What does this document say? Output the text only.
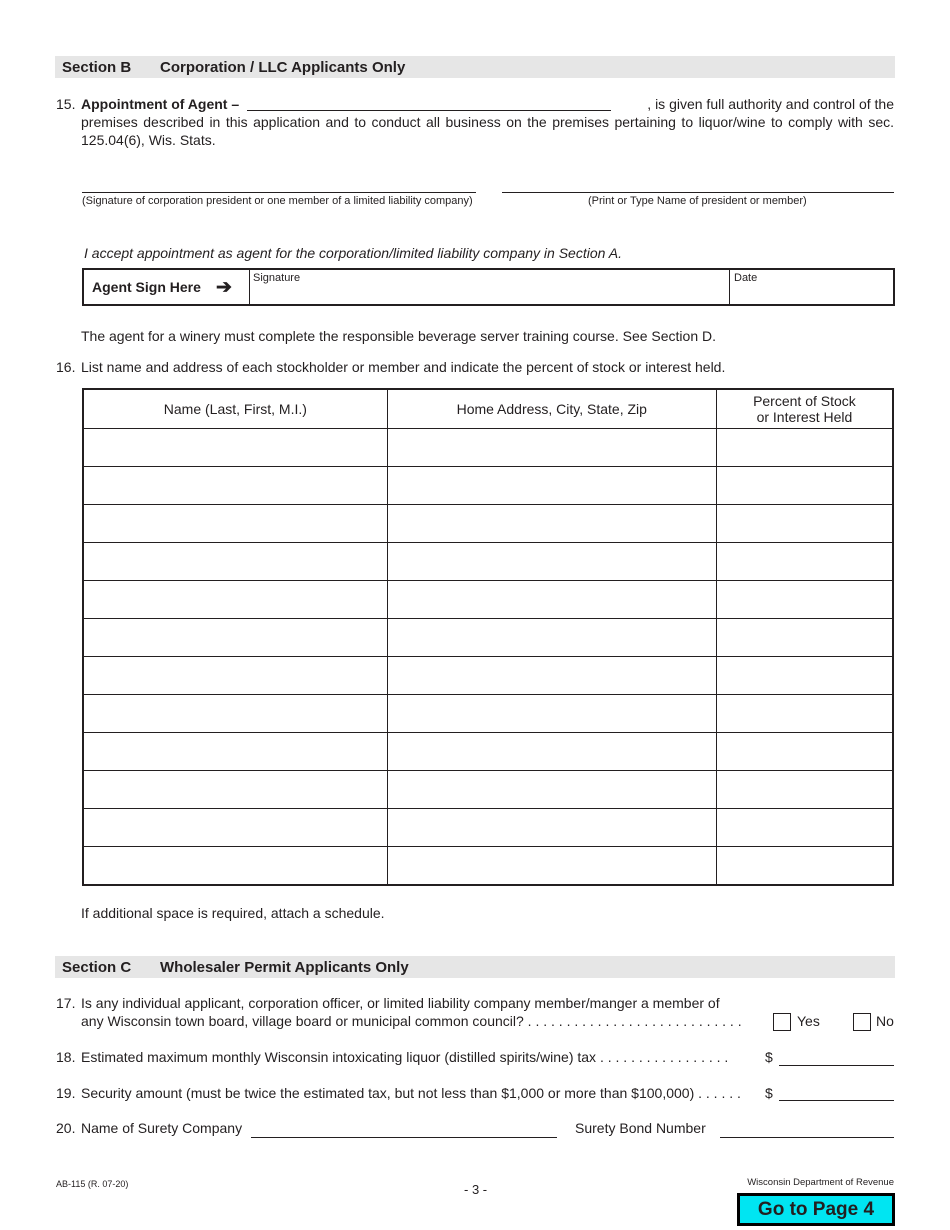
Section B Corporation / LLC Applicants Only
15. Appointment of Agent –	, is given full authority and control of the
premises described in this application and to conduct all business on the premises pertaining to liquor/wine to comply with sec.
125.04(6), Wis. Stats.
(Signature of corporation president or one member of a limited liability company)	(Print or Type Name of president or member)
I accept appointment as agent for the corporation/limited liability company in Section A.
Agent Sign Here ➔ Signature	Date
The agent for a winery must complete the responsible beverage server training course. See Section D.
16. List name and address of each stockholder or member and indicate the percent of stock or interest held.
Name (Last, First, M.I.)	Home Address, City, State, Zip	Percent of Stock
or Interest Held

If additional space is required, attach a schedule.
Section C Wholesaler Permit Applicants Only
17. Is any individual applicant, corporation officer, or limited liability company member/manger a member of
any Wisconsin town board, village board or municipal common council? . . . . . . . . . . . . . . . . . . . . . . . . . . . .	Yes	No
18. Estimated maximum monthly Wisconsin intoxicating liquor (distilled spirits/wine) tax . . . . . . . . . . . . . . . . .	$
19. Security amount (must be twice the estimated tax, but not less than $1,000 or more than $100,000) . . . . . . $
20. Name of Surety Company	Surety Bond Number
AB-115 (R. 07-20)	- 3 -	Wisconsin Department of Revenue
Go to Page 4
